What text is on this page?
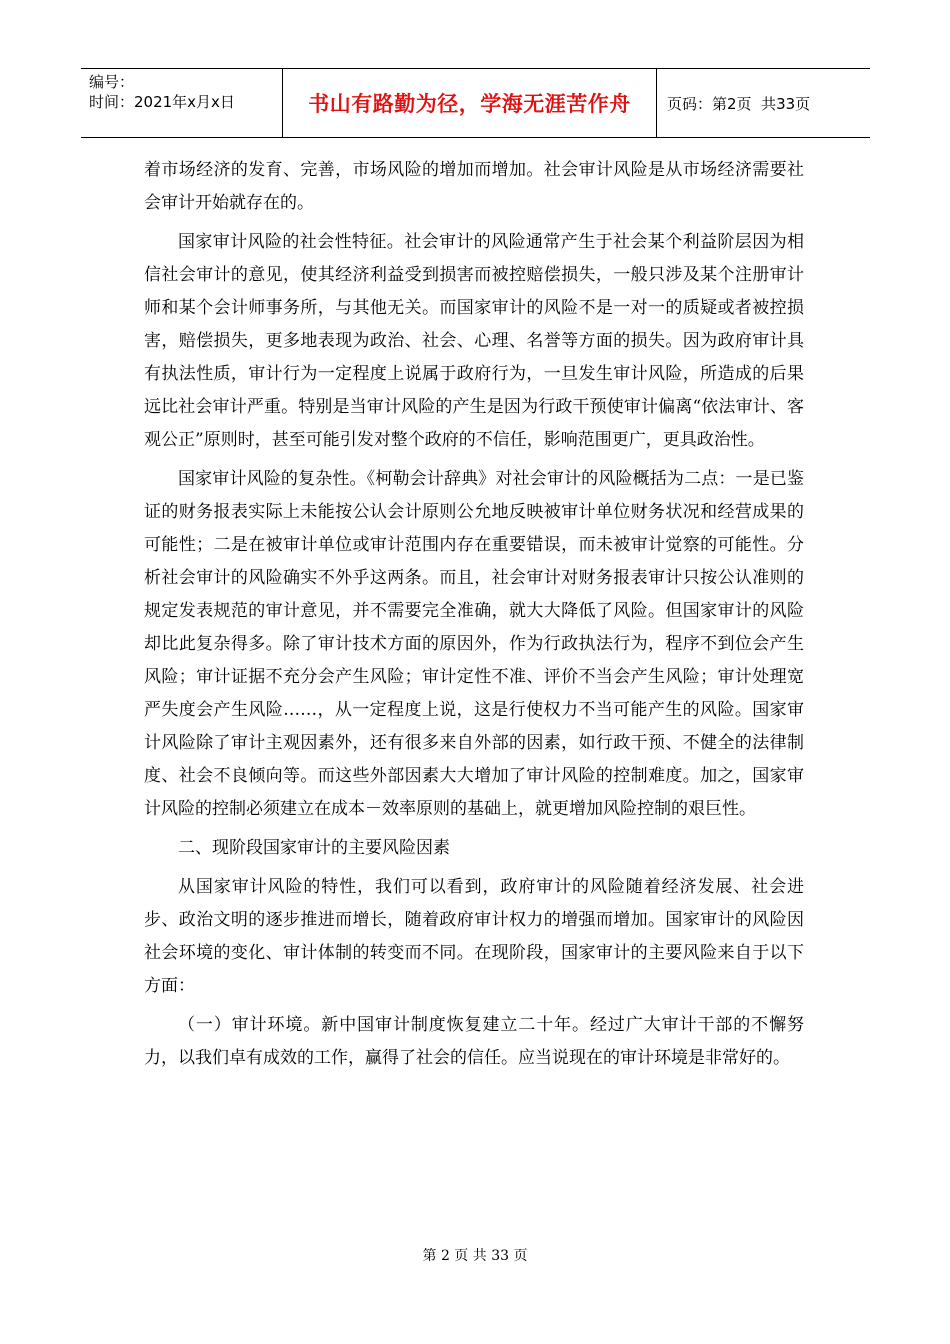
编号：
时间：2021年x月x日	书山有路勤为径，学海无涯苦作舟 页码：第2页  共33页

着市场经济的发育、完善，市场风险的增加而增加。社会审计风险是从市场经济需要社会审计开始就存在的。

国家审计风险的社会性特征。社会审计的风险通常产生于社会某个利益阶层因为相信社会审计的意见，使其经济利益受到损害而被控赔偿损失，一般只涉及某个注册审计师和某个会计师事务所，与其他无关。而国家审计的风险不是一对一的质疑或者被控损害，赔偿损失，更多地表现为政治、社会、心理、名誉等方面的损失。因为政府审计具有执法性质，审计行为一定程度上说属于政府行为，一旦发生审计风险，所造成的后果远比社会审计严重。特别是当审计风险的产生是因为行政干预使审计偏离“依法审计、客观公正”原则时，甚至可能引发对整个政府的不信任，影响范围更广，更具政治性。

国家审计风险的复杂性。《柯勒会计辞典》对社会审计的风险概括为二点：一是已鉴证的财务报表实际上未能按公认会计原则公允地反映被审计单位财务状况和经营成果的可能性；二是在被审计单位或审计范围内存在重要错误，而未被审计觉察的可能性。分析社会审计的风险确实不外乎这两条。而且，社会审计对财务报表审计只按公认准则的规定发表规范的审计意见，并不需要完全准确，就大大降低了风险。但国家审计的风险却比此复杂得多。除了审计技术方面的原因外，作为行政执法行为，程序不到位会产生风险；审计证据不充分会产生风险；审计定性不准、评价不当会产生风险；审计处理宽严失度会产生风险……，从一定程度上说，这是行使权力不当可能产生的风险。国家审计风险除了审计主观因素外，还有很多来自外部的因素，如行政干预、不健全的法律制度、社会不良倾向等。而这些外部因素大大增加了审计风险的控制难度。加之，国家审计风险的控制必须建立在成本－效率原则的基础上，就更增加风险控制的艰巨性。

二、现阶段国家审计的主要风险因素

从国家审计风险的特性，我们可以看到，政府审计的风险随着经济发展、社会进步、政治文明的逐步推进而增长，随着政府审计权力的增强而增加。国家审计的风险因社会环境的变化、审计体制的转变而不同。在现阶段，国家审计的主要风险来自于以下方面：

（一）审计环境。新中国审计制度恢复建立二十年。经过广大审计干部的不懈努力，以我们卓有成效的工作，赢得了社会的信任。应当说现在的审计环境是非常好的。

第 2 页 共 33 页
